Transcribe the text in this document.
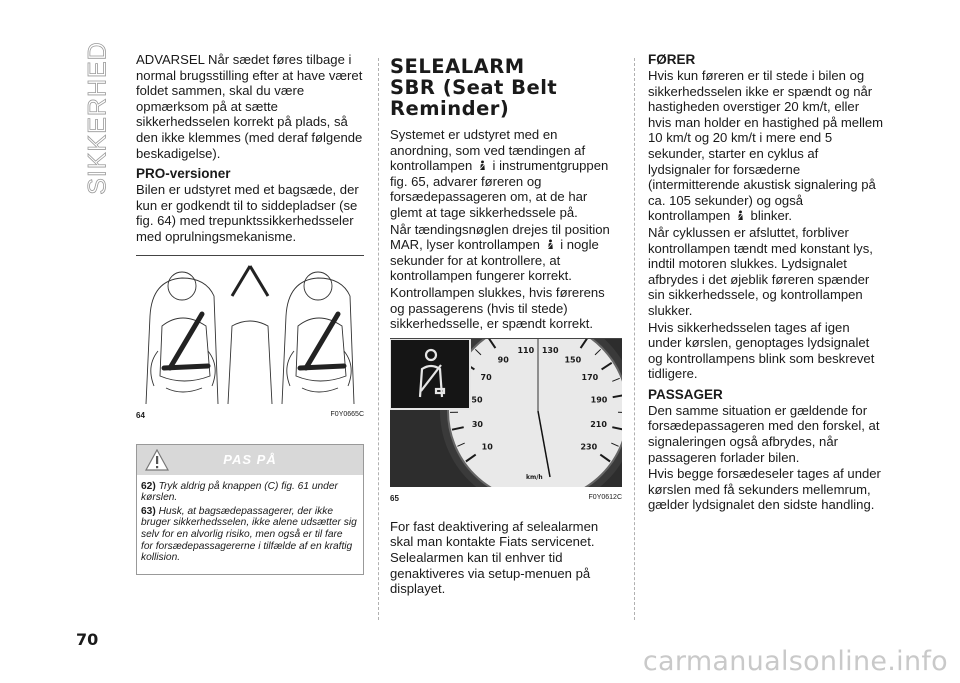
SIKKERHED ADVARSEL Når sædet føres tilbage i normal brugsstilling efter at have været foldet sammen, skal du være opmærksom på at sætte sikkerhedsselen korrekt på plads, så den ikke klemmes (med deraf følgende beskadigelse).

PRO-versioner

Bilen er udstyret med et bagsæde, der kun er godkendt til to siddepladser (se fig. 64) med trepunktssikkerhedsseler med oprulningsmekanisme.

64	F0Y0665C
PAS PÅ

62) Tryk aldrig på knappen (C) fig. 61 under kørslen.

63) Husk, at bagsædepassagerer, der ikke bruger sikkerhedsselen, ikke alene udsætter sig selv for en alvorlig risiko, men også er til fare for forsædepassagererne i tilfælde af en kraftig kollision.

SELEALARM
SBR (Seat Belt
Reminder)

Systemet er udstyret med en anordning, som ved tændingen af kontrollampen i instrumentgruppen fig. 65, advarer føreren og forsædepassageren om, at de har glemt at tage sikkerhedssele på.

Når tændingsnøglen drejes til position MAR, lyser kontrollampen i nogle sekunder for at kontrollere, at kontrollampen fungerer korrekt.

Kontrollampen slukkes, hvis førerens og passagerens (hvis til stede) sikkerhedsselle, er spændt korrekt.

10
30
50
70
90
110 130
150
170
190
210
230
km/h
65	F0Y0612C

For fast deaktivering af selealarmen skal man kontakte Fiats servicenet. Selealarmen kan til enhver tid genaktiveres via setup-menuen på displayet.

FØRER

Hvis kun føreren er til stede i bilen og sikkerhedsselen ikke er spændt og når hastigheden overstiger 20 km/t, eller hvis man holder en hastighed på mellem 10 km/t og 20 km/t i mere end 5 sekunder, starter en cyklus af lydsignaler for forsæderne (intermitterende akustisk signalering på ca. 105 sekunder) og også kontrollampen blinker.

Når cyklussen er afsluttet, forbliver kontrollampen tændt med konstant lys, indtil motoren slukkes. Lydsignalet afbrydes i det øjeblik føreren spænder sin sikkerhedssele, og kontrollampen slukker.

Hvis sikkerhedsselen tages af igen under kørslen, genoptages lydsignalet og kontrollampens blink som beskrevet tidligere.

PASSAGER

Den samme situation er gældende for forsædepassageren med den forskel, at signaleringen også afbrydes, når passageren forlader bilen.

Hvis begge forsædeseler tages af under kørslen med få sekunders mellemrum, gælder lydsignalet den sidste handling.

70
carmanualsonline.info
